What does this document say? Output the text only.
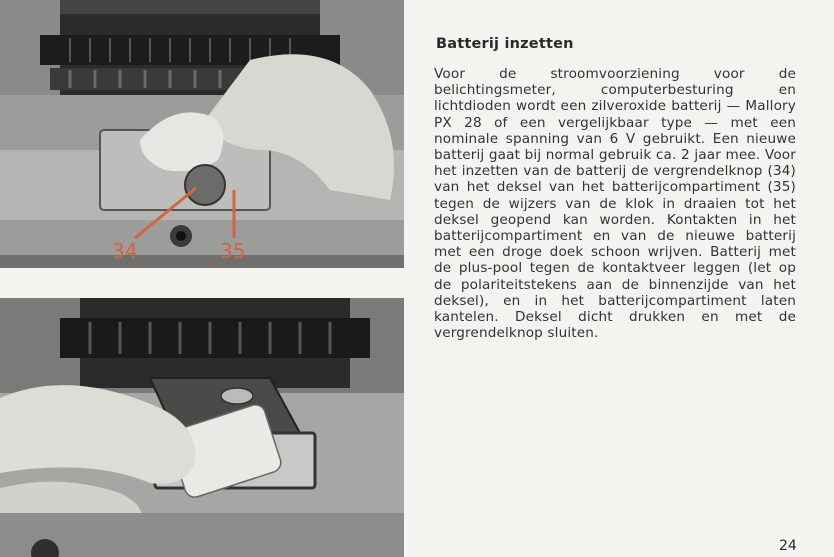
34	35
Batterij inzetten

Voor de stroomvoorziening voor de belichtingsmeter, computerbesturing en lichtdioden wordt een zilveroxide batterij — Mallory PX 28 of een vergelijkbaar type — met een nominale spanning van 6 V gebruikt. Een nieuwe batterij gaat bij normal gebruik ca. 2 jaar mee. Voor het inzetten van de batterij de vergrendelknop (34) van het deksel van het batterijcompartiment (35) tegen de wijzers van de klok in draaien tot het deksel geopend kan worden. Kontakten in het batterijcompartiment en van de nieuwe batterij met een droge doek schoon wrijven. Batterij met de plus-pool tegen de kontaktveer leggen (let op de polariteitstekens aan de binnenzijde van het deksel), en in het batterijcompartiment laten kantelen. Deksel dicht drukken en met de vergrendelknop sluiten.

24
